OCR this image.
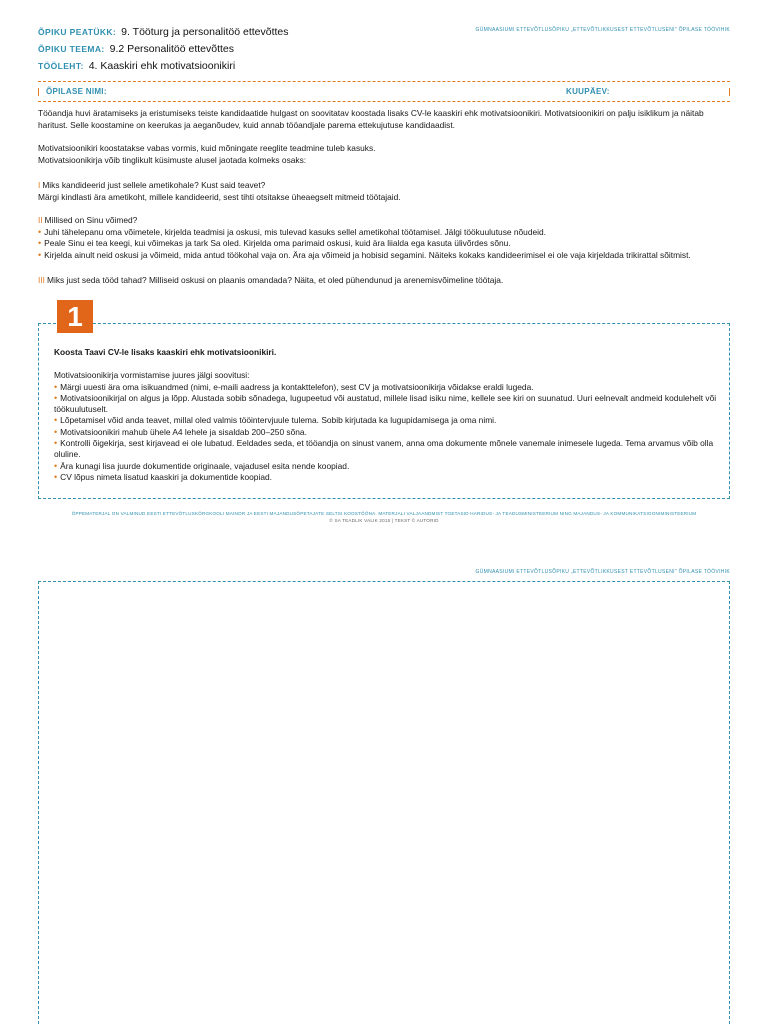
GÜMNAASIUMI ETTEVÕTLUSÕPIKU „ETTEVÕTLIKKUSEST ETTEVÕTLUSENI" ÕPILASE TÖÖVIHIK
ÕPIKU PEATÜKK: 9. Tööturg ja personalitöö ettevõttes
ÕPIKU TEEMA: 9.2 Personalitöö ettevõttes
TÖÖLEHT: 4. Kaaskiri ehk motivatsioonikiri
ÕPILASE NIMI:	KUUPÄEV:

Tööandja huvi äratamiseks ja eristumiseks teiste kandidaatide hulgast on soovitatav koostada lisaks CV-le kaaskiri ehk motivatsioonikiri. Motivatsioonikiri on palju isiklikum ja näitab haritust. Selle koostamine on keerukas ja aeganõudev, kuid annab tööandjale parema ettekujutuse kandidaadist.

Motivatsioonikiri koostatakse vabas vormis, kuid mõningate reeglite teadmine tuleb kasuks.

Motivatsioonikirja võib tinglikult küsimuste alusel jaotada kolmeks osaks:

I Miks kandideerid just sellele ametikohale? Kust said teavet?

Märgi kindlasti ära ametikoht, millele kandideerid, sest tihti otsitakse üheaegselt mitmeid töötajaid.

II Millised on Sinu võimed?

• Juhi tähelepanu oma võimetele, kirjelda teadmisi ja oskusi, mis tulevad kasuks sellel ametikohal töötamisel. Jälgi töökuulutuse nõudeid.

• Peale Sinu ei tea keegi, kui võimekas ja tark Sa oled. Kirjelda oma parimaid oskusi, kuid ära liialda ega kasuta ülivõrdes sõnu.

• Kirjelda ainult neid oskusi ja võimeid, mida antud töökohal vaja on. Ära aja võimeid ja hobisid segamini. Näiteks kokaks kandideerimisel ei ole vaja kirjeldada trikirattal sõitmist.

III Miks just seda tööd tahad? Milliseid oskusi on plaanis omandada? Näita, et oled pühendunud ja arenemisvõimeline töötaja.

1

Koosta Taavi CV-le lisaks kaaskiri ehk motivatsioonikiri.

Motivatsioonikirja vormistamise juures jälgi soovitusi:

• Märgi uuesti ära oma isikuandmed (nimi, e-maili aadress ja kontakttelefon), sest CV ja motivatsioonikirja võidakse eraldi lugeda.

• Motivatsioonikirjal on algus ja lõpp. Alustada sobib sõnadega, lugupeetud või austatud, millele lisad isiku nime, kellele see kiri on suunatud. Uuri eelnevalt andmeid kodulehelt või töökuulutuselt.

• Lõpetamisel võid anda teavet, millal oled valmis tööintervjuule tulema. Sobib kirjutada ka lugupidamisega ja oma nimi.

• Motivatsioonikiri mahub ühele A4 lehele ja sisaldab 200–250 sõna.

• Kontrolli õigekirja, sest kirjavead ei ole lubatud. Eeldades seda, et tööandja on sinust vanem, anna oma dokumente mõnele vanemale inimesele lugeda. Tema arvamus võib olla oluline.

• Ära kunagi lisa juurde dokumentide originaale, vajadusel esita nende koopiad.

• CV lõpus nimeta lisatud kaaskiri ja dokumentide koopiad.

ÕPPEMATERJAL ON VALMINUD EESTI ETTEVÕTLUSKÕRGKOOLI MAINOR JA EESTI MAJANDUSÕPETAJATE SELTSI KOOSTÖÖNA. MATERJALI VALJAANDMIST TOETASID HARIDUS- JA TEADUSMINISTEERIUM NING MAJANDUS- JA KOMMUNIKATSIOONIMINISTEERIUM
© SA TEADLIK VALIK 2015 | TEKST © AUTORID
GÜMNAASIUMI ETTEVÕTLUSÕPIKU „ETTEVÕTLIKKUSEST ETTEVÕTLUSENI" ÕPILASE TÖÖVIHIK
